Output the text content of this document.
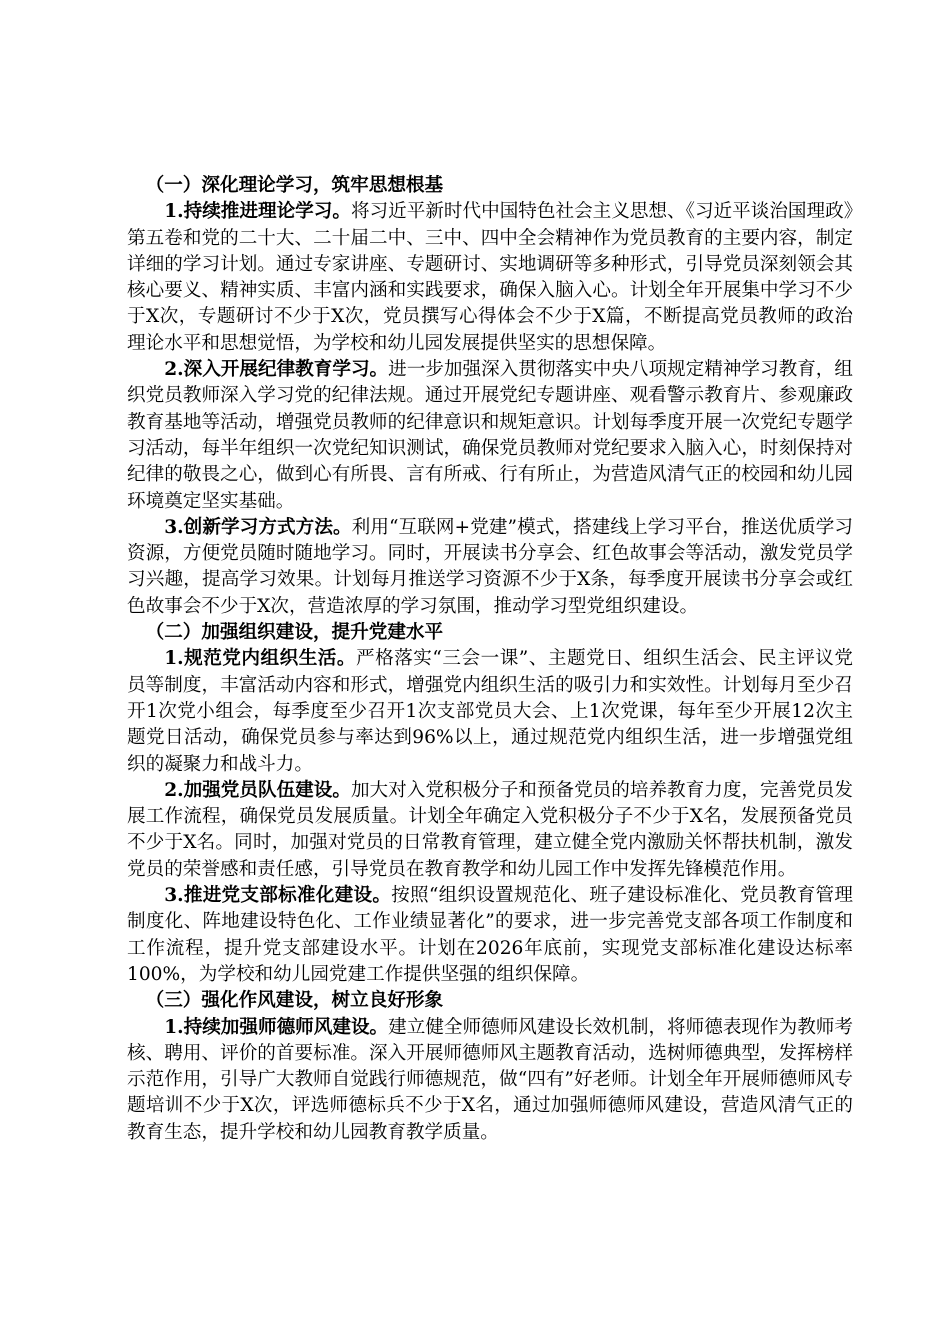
（一）深化理论学习，筑牢思想根基

1.持续推进理论学习。将习近平新时代中国特色社会主义思想、《习近平谈治国理政》第五卷和党的二十大、二十届二中、三中、四中全会精神作为党员教育的主要内容，制定详细的学习计划。通过专家讲座、专题研讨、实地调研等多种形式，引导党员深刻领会其核心要义、精神实质、丰富内涵和实践要求，确保入脑入心。计划全年开展集中学习不少于X次，专题研讨不少于X次，党员撰写心得体会不少于X篇，不断提高党员教师的政治理论水平和思想觉悟，为学校和幼儿园发展提供坚实的思想保障。

2.深入开展纪律教育学习。进一步加强深入贯彻落实中央八项规定精神学习教育，组织党员教师深入学习党的纪律法规。通过开展党纪专题讲座、观看警示教育片、参观廉政教育基地等活动，增强党员教师的纪律意识和规矩意识。计划每季度开展一次党纪专题学习活动，每半年组织一次党纪知识测试，确保党员教师对党纪要求入脑入心，时刻保持对纪律的敬畏之心，做到心有所畏、言有所戒、行有所止，为营造风清气正的校园和幼儿园环境奠定坚实基础。

3.创新学习方式方法。利用“互联网+党建”模式，搭建线上学习平台，推送优质学习资源，方便党员随时随地学习。同时，开展读书分享会、红色故事会等活动，激发党员学习兴趣，提高学习效果。计划每月推送学习资源不少于X条，每季度开展读书分享会或红色故事会不少于X次，营造浓厚的学习氛围，推动学习型党组织建设。

（二）加强组织建设，提升党建水平

1.规范党内组织生活。严格落实“三会一课”、主题党日、组织生活会、民主评议党员等制度，丰富活动内容和形式，增强党内组织生活的吸引力和实效性。计划每月至少召开1次党小组会，每季度至少召开1次支部党员大会、上1次党课，每年至少开展12次主题党日活动，确保党员参与率达到96%以上，通过规范党内组织生活，进一步增强党组织的凝聚力和战斗力。

2.加强党员队伍建设。加大对入党积极分子和预备党员的培养教育力度，完善党员发展工作流程，确保党员发展质量。计划全年确定入党积极分子不少于X名，发展预备党员不少于X名。同时，加强对党员的日常教育管理，建立健全党内激励关怀帮扶机制，激发党员的荣誉感和责任感，引导党员在教育教学和幼儿园工作中发挥先锋模范作用。

3.推进党支部标准化建设。按照“组织设置规范化、班子建设标准化、党员教育管理制度化、阵地建设特色化、工作业绩显著化”的要求，进一步完善党支部各项工作制度和工作流程，提升党支部建设水平。计划在2026年底前，实现党支部标准化建设达标率100%，为学校和幼儿园党建工作提供坚强的组织保障。

（三）强化作风建设，树立良好形象

1.持续加强师德师风建设。建立健全师德师风建设长效机制，将师德表现作为教师考核、聘用、评价的首要标准。深入开展师德师风主题教育活动，选树师德典型，发挥榜样示范作用，引导广大教师自觉践行师德规范，做“四有”好老师。计划全年开展师德师风专题培训不少于X次，评选师德标兵不少于X名，通过加强师德师风建设，营造风清气正的教育生态，提升学校和幼儿园教育教学质量。
